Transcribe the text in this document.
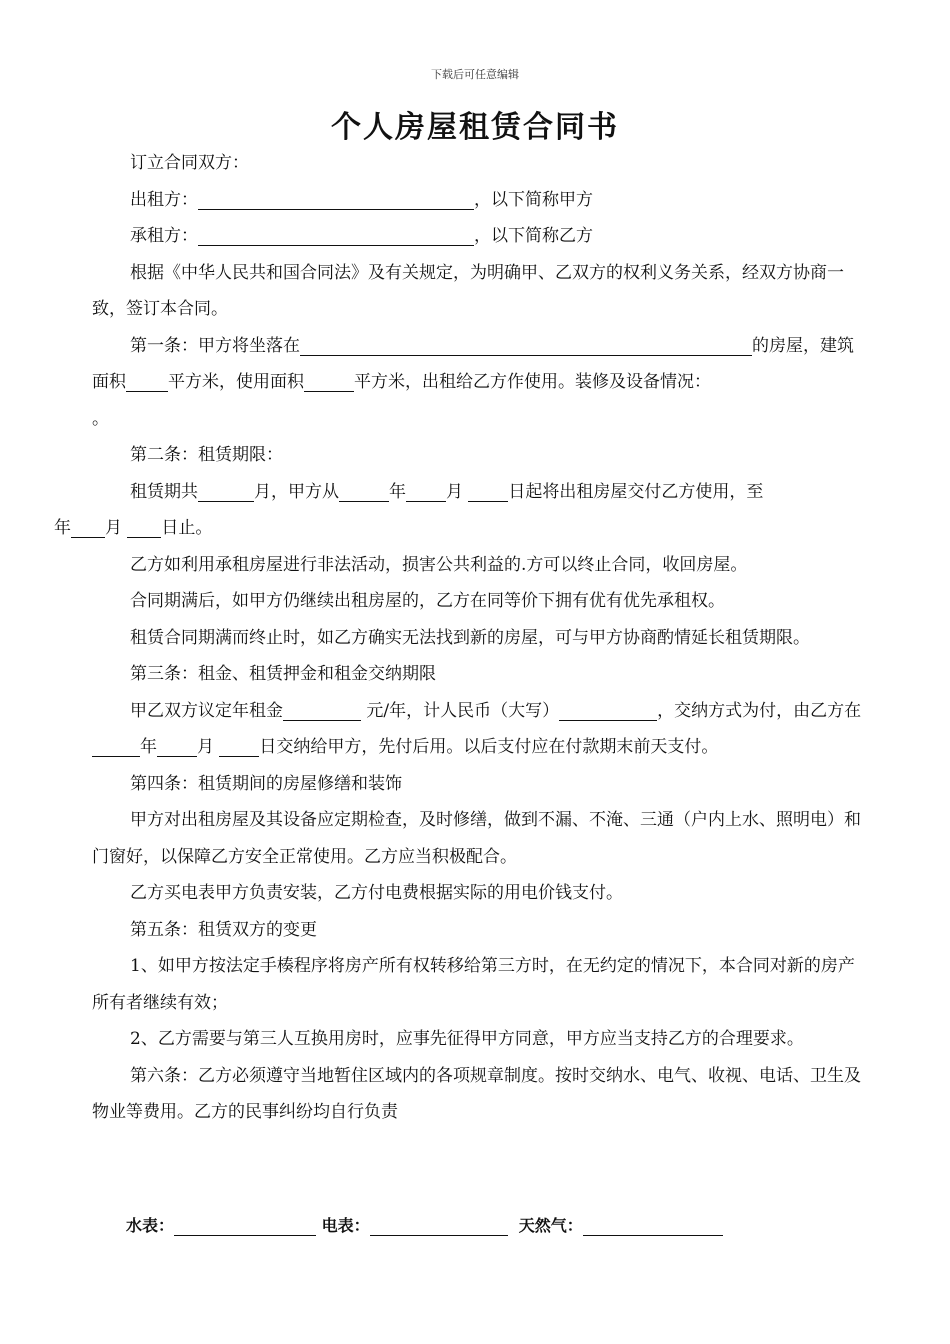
下载后可任意编辑
个人房屋租赁合同书

订立合同双方：

出租方：	，以下简称甲方

承租方：	，以下简称乙方

根据《中华人民共和国合同法》及有关规定，为明确甲、乙双方的权利义务关系，经双方协商一致，签订本合同。

第一条：甲方将坐落在	的房屋，建筑面积 平方米，使用面积	平方米，出租给乙方作使用。装修及设备情况：
。

第二条：租赁期限：

租赁期共	月，甲方从	年 月	日起将出租房屋交付乙方使用，至
年 月 日止。

乙方如利用承租房屋进行非法活动，损害公共利益的.方可以终止合同，收回房屋。

合同期满后，如甲方仍继续出租房屋的，乙方在同等价下拥有优有优先承租权。

租赁合同期满而终止时，如乙方确实无法找到新的房屋，可与甲方协商酌情延长租赁期限。

第三条：租金、租赁押金和租金交纳期限

甲乙双方议定年租金	元/年，计人民币（大写）	，交纳方式为付，由乙方在年 月	日交纳给甲方，先付后用。以后支付应在付款期末前天支付。

第四条：租赁期间的房屋修缮和装饰

甲方对出租房屋及其设备应定期检查，及时修缮，做到不漏、不淹、三通（户内上水、照明电）和门窗好，以保障乙方安全正常使用。乙方应当积极配合。

乙方买电表甲方负责安装，乙方付电费根据实际的用电价钱支付。

第五条：租赁双方的变更

1、如甲方按法定手楱程序将房产所有权转移给第三方时，在无约定的情况下，本合同对新的房产所有者继续有效；

2、乙方需要与第三人互换用房时，应事先征得甲方同意，甲方应当支持乙方的合理要求。

第六条：乙方必须遵守当地暂住区域内的各项规章制度。按时交纳水、电气、收视、电话、卫生及物业等费用。乙方的民事纠纷均自行负责

水表：	电表：	天然气：
